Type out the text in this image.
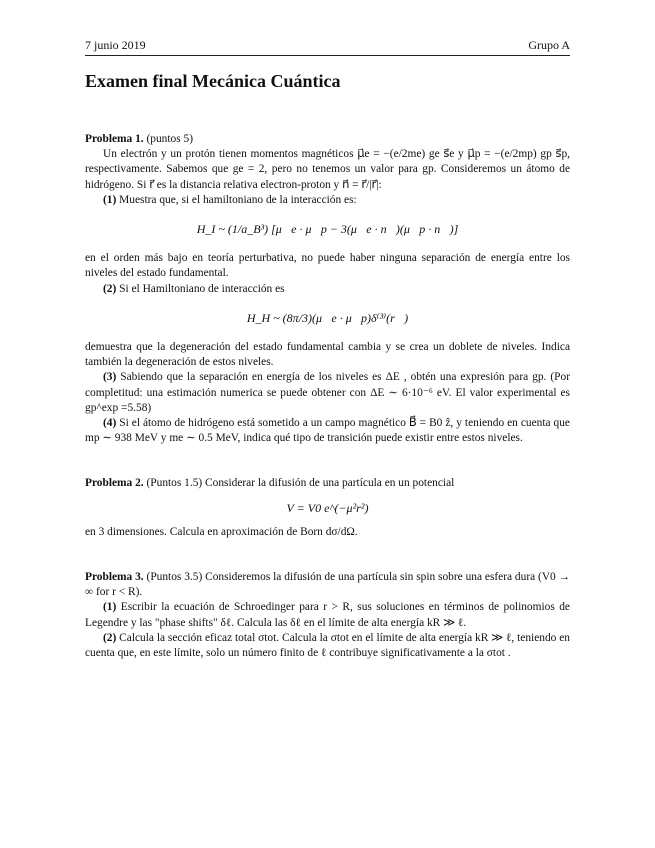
7 junio 2019	Grupo A
Examen final Mecánica Cuántica

Problema 1. (puntos 5)

Un electrón y un protón tienen momentos magnéticos μ⃗e = −(e/2me) ge s⃗e y μ⃗p = −(e/2mp) gp s⃗p, respectivamente. Sabemos que ge = 2, pero no tenemos un valor para gp. Consideremos un átomo de hidrógeno. Si r⃗ es la distancia relativa electron-proton y n⃗ = r⃗/|r⃗|:

(1) Muestra que, si el hamiltoniano de la interacción es:

H_I ~ (1/a_B³) [μ⃗e · μ⃗p − 3(μ⃗e · n⃗)(μ⃗p · n⃗)]

en el orden más bajo en teoría perturbativa, no puede haber ninguna separación de energía entre los niveles del estado fundamental.

(2) Si el Hamiltoniano de interacción es

H_H ~ (8π/3)(μ⃗e · μ⃗p)δ⁽³⁾(r⃗)

demuestra que la degeneración del estado fundamental cambia y se crea un doblete de niveles. Indica también la degeneración de estos niveles.

(3) Sabiendo que la separación en energía de los niveles es ΔE , obtén una expresión para gp. (Por completitud: una estimación numerica se puede obtener con ΔE ∼ 6·10⁻⁶ eV. El valor experimental es gp^exp =5.58)

(4) Si el átomo de hidrógeno está sometido a un campo magnético B⃗ = B0 ẑ, y teniendo en cuenta que mp ∼ 938 MeV y me ∼ 0.5 MeV, indica qué tipo de transición puede existir entre estos niveles.

Problema 2. (Puntos 1.5) Considerar la difusión de una partícula en un potencial

V = V0 e^(−μ²r²)

en 3 dimensiones. Calcula en aproximación de Born dσ/dΩ.

Problema 3. (Puntos 3.5) Consideremos la difusión de una partícula sin spin sobre una esfera dura (V0 → ∞ for r < R).

(1) Escribir la ecuación de Schroedinger para r > R, sus soluciones en términos de polinomios de Legendre y las "phase shifts" δℓ. Calcula las δℓ en el límite de alta energía kR ≫ ℓ.

(2) Calcula la sección eficaz total σtot. Calcula la σtot en el límite de alta energía kR ≫ ℓ, teniendo en cuenta que, en este límite, solo un número finito de ℓ contribuye significativamente a la σtot .
